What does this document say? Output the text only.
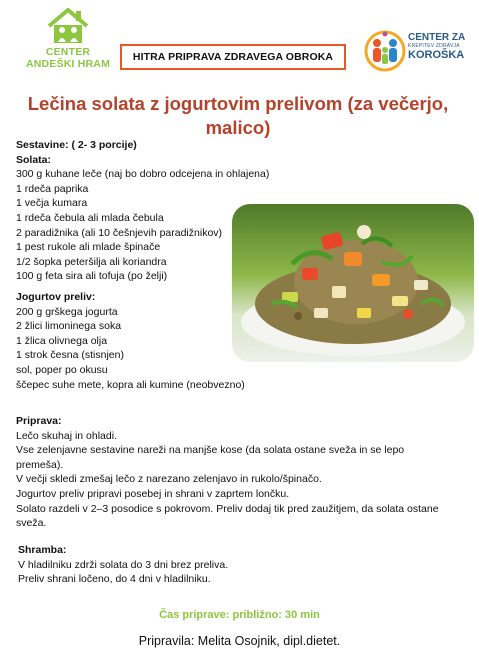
CENTER
ANDEŠKI HRAM
HITRA PRIPRAVA ZDRAVEGA OBROKA
CENTER ZA
KREPITEV ZDRAVJA
KOROŠKA
Lečina solata z jogurtovim prelivom (za večerjo, malico)
Sestavine: ( 2- 3 porcije)
Solata:
300 g kuhane leče (naj bo dobro odcejena in ohlajena)
1 rdeča paprika
1 večja kumara
1 rdeča čebula ali mlada čebula
2 paradižnika (ali 10 češnjevih paradižnikov)
1 pest rukole ali mlade špinače
1/2 šopka peteršilja ali koriandra
100 g feta sira ali tofuja (po želji)
Jogurtov preliv:
200 g grškega jogurta
2 žlici limoninega soka
1 žlica olivnega olja
1 strok česna (stisnjen)
sol, poper po okusu
ščepec suhe mete, kopra ali kumine (neobvezno)
Priprava:
Lečo skuhaj in ohladi.
Vse zelenjavne sestavine nareži na manjše kose (da solata ostane sveža in se lepo
premeša).
V večji skledi zmešaj lečo z narezano zelenjavo in rukolo/špinačo.
Jogurtov preliv pripravi posebej in shrani v zaprtem lončku.
Solato razdeli v 2–3 posodice s pokrovom. Preliv dodaj tik pred zaužitjem, da solata ostane
sveža.
Shramba:
V hladilniku zdrži solata do 3 dni brez preliva.
Preliv shrani ločeno, do 4 dni v hladilniku.
Čas priprave: približno: 30 min
Pripravila: Melita Osojnik, dipl.dietet.
